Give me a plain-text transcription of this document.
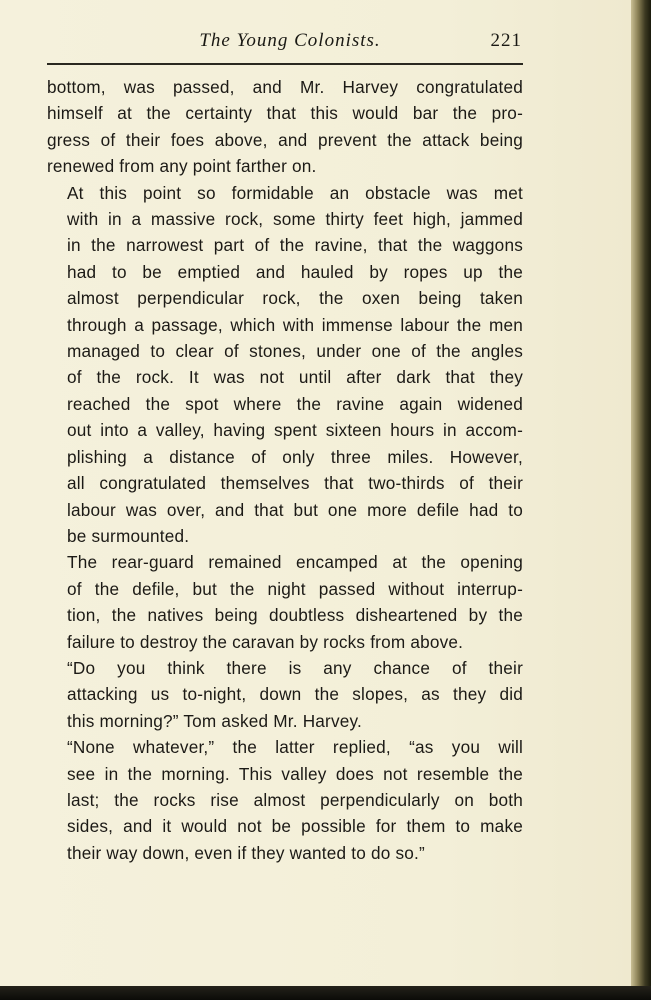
The Young Colonists.	221

bottom, was passed, and Mr. Harvey congratulated
himself at the certainty that this would bar the pro-
gress of their foes above, and prevent the attack being
renewed from any point farther on.

At this point so formidable an obstacle was met
with in a massive rock, some thirty feet high, jammed
in the narrowest part of the ravine, that the waggons
had to be emptied and hauled by ropes up the
almost perpendicular rock, the oxen being taken
through a passage, which with immense labour the men
managed to clear of stones, under one of the angles
of the rock. It was not until after dark that they
reached the spot where the ravine again widened
out into a valley, having spent sixteen hours in accom-
plishing a distance of only three miles. However,
all congratulated themselves that two-thirds of their
labour was over, and that but one more defile had to
be surmounted.

The rear-guard remained encamped at the opening
of the defile, but the night passed without interrup-
tion, the natives being doubtless disheartened by the
failure to destroy the caravan by rocks from above.

“Do you think there is any chance of their
attacking us to-night, down the slopes, as they did
this morning?” Tom asked Mr. Harvey.

“None whatever,” the latter replied, “as you will
see in the morning. This valley does not resemble the
last; the rocks rise almost perpendicularly on both
sides, and it would not be possible for them to make
their way down, even if they wanted to do so.”
